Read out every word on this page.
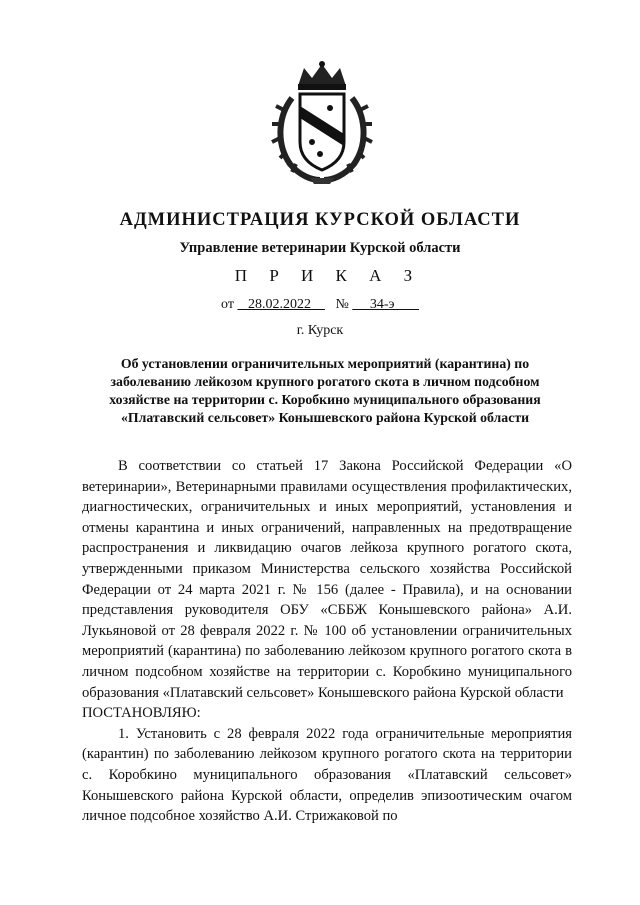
АДМИНИСТРАЦИЯ КУРСКОЙ ОБЛАСТИ
Управление ветеринарии Курской области
П Р И К А З
от 28.02.2022 № 34-э
г. Курск
Об установлении ограничительных мероприятий (карантина) по заболеванию лейкозом крупного рогатого скота в личном подсобном хозяйстве на территории с. Коробкино муниципального образования «Платавский сельсовет» Конышевского района Курской области

В соответствии со статьей 17 Закона Российской Федерации «О ветеринарии», Ветеринарными правилами осуществления профилактических, диагностических, ограничительных и иных мероприятий, установления и отмены карантина и иных ограничений, направленных на предотвращение распространения и ликвидацию очагов лейкоза крупного рогатого скота, утвержденными приказом Министерства сельского хозяйства Российской Федерации от 24 марта 2021 г. № 156 (далее - Правила), и на основании представления руководителя ОБУ «СББЖ Конышевского района» А.И. Лукьяновой от 28 февраля 2022 г. № 100 об установлении ограничительных мероприятий (карантина) по заболеванию лейкозом крупного рогатого скота в личном подсобном хозяйстве на территории с. Коробкино муниципального образования «Платавский сельсовет» Конышевского района Курской области

ПОСТАНОВЛЯЮ:

1. Установить с 28 февраля 2022 года ограничительные мероприятия (карантин) по заболеванию лейкозом крупного рогатого скота на территории с. Коробкино муниципального образования «Платавский сельсовет» Конышевского района Курской области, определив эпизоотическим очагом личное подсобное хозяйство А.И. Стрижаковой по
